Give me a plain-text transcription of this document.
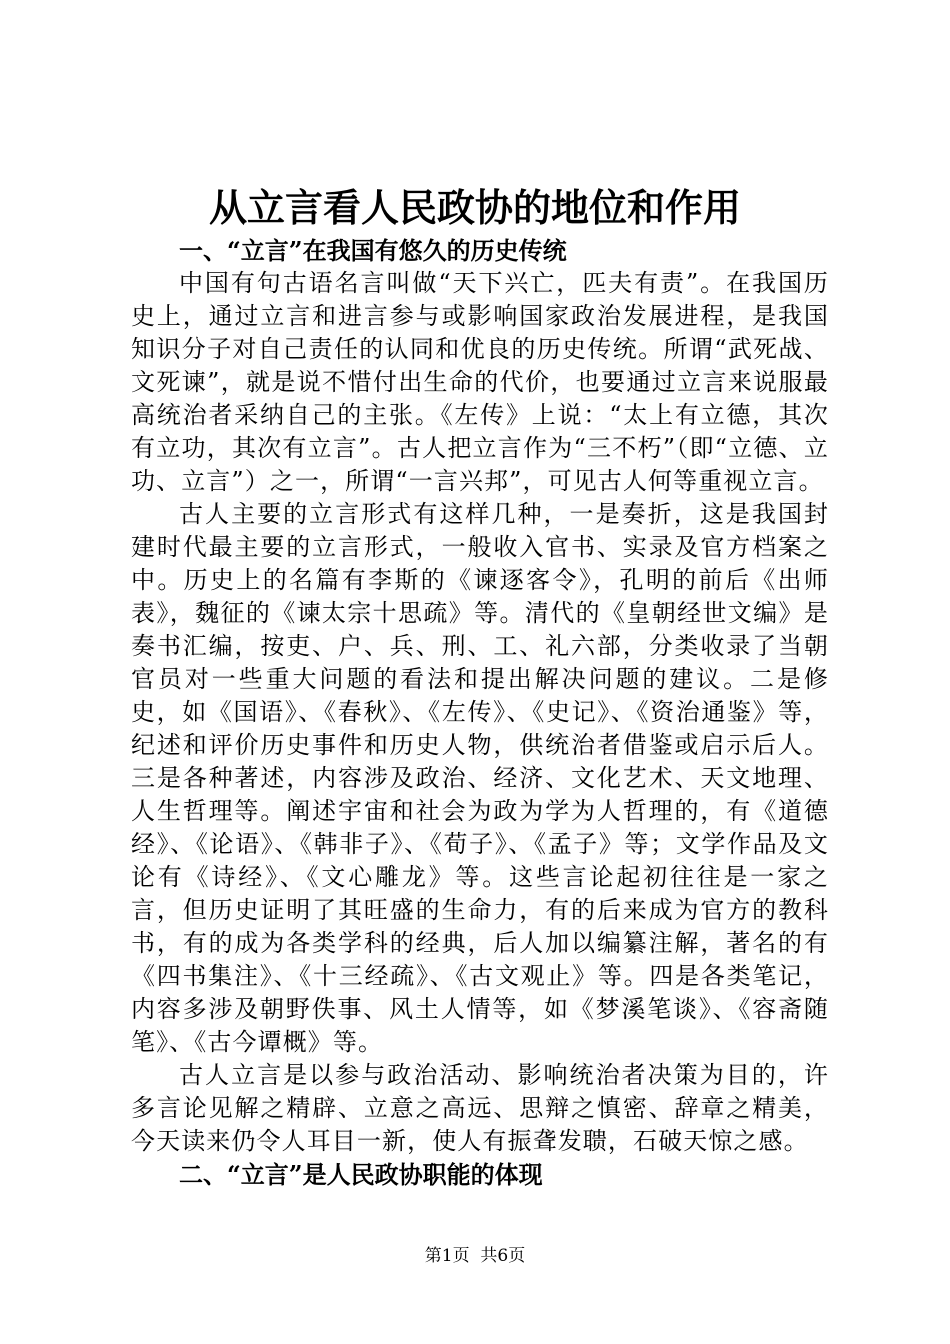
从立言看人民政协的地位和作用

一、“立言”在我国有悠久的历史传统

中国有句古语名言叫做“天下兴亡，匹夫有责”。在我国历史上，通过立言和进言参与或影响国家政治发展进程，是我国知识分子对自己责任的认同和优良的历史传统。所谓“武死战、文死谏”，就是说不惜付出生命的代价，也要通过立言来说服最高统治者采纳自己的主张。《左传》上说：“太上有立德，其次有立功，其次有立言”。古人把立言作为“三不朽”（即“立德、立功、立言”）之一，所谓“一言兴邦”，可见古人何等重视立言。

古人主要的立言形式有这样几种，一是奏折，这是我国封建时代最主要的立言形式，一般收入官书、实录及官方档案之中。历史上的名篇有李斯的《谏逐客令》，孔明的前后《出师表》，魏征的《谏太宗十思疏》等。清代的《皇朝经世文编》是奏书汇编，按吏、户、兵、刑、工、礼六部，分类收录了当朝官员对一些重大问题的看法和提出解决问题的建议。二是修史，如《国语》、《春秋》、《左传》、《史记》、《资治通鉴》等，纪述和评价历史事件和历史人物，供统治者借鉴或启示后人。三是各种著述，内容涉及政治、经济、文化艺术、天文地理、人生哲理等。阐述宇宙和社会为政为学为人哲理的，有《道德经》、《论语》、《韩非子》、《荀子》、《孟子》等；文学作品及文论有《诗经》、《文心雕龙》等。这些言论起初往往是一家之言，但历史证明了其旺盛的生命力，有的后来成为官方的教科书，有的成为各类学科的经典，后人加以编纂注解，著名的有《四书集注》、《十三经疏》、《古文观止》等。四是各类笔记，内容多涉及朝野佚事、风土人情等，如《梦溪笔谈》、《容斋随笔》、《古今谭概》等。

古人立言是以参与政治活动、影响统治者决策为目的，许多言论见解之精辟、立意之高远、思辩之慎密、辞章之精美，今天读来仍令人耳目一新，使人有振聋发聩，石破天惊之感。

二、“立言”是人民政协职能的体现

第1页  共6页
